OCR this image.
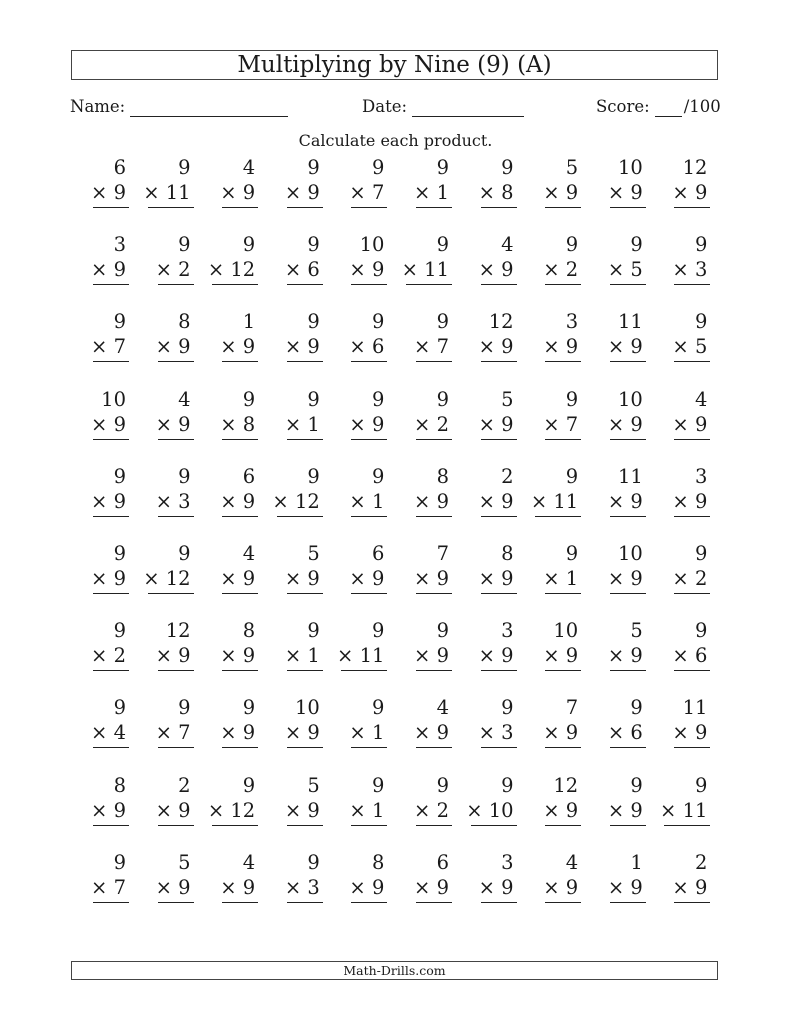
Multiplying by Nine (9) (A)
Name:	Date:	Score: /100
Calculate each product.
6
× 9
9
× 11
4
× 9
9
× 9
9
× 7
9
× 1
9
× 8
5
× 9
10
× 9
12
× 9
3
× 9
9
× 2
9
× 12
9
× 6
10
× 9
9
× 11
4
× 9
9
× 2
9
× 5
9
× 3
9
× 7
8
× 9
1
× 9
9
× 9
9
× 6
9
× 7
12
× 9
3
× 9
11
× 9
9
× 5
10
× 9
4
× 9
9
× 8
9
× 1
9
× 9
9
× 2
5
× 9
9
× 7
10
× 9
4
× 9
9
× 9
9
× 3
6
× 9
9
× 12
9
× 1
8
× 9
2
× 9
9
× 11
11
× 9
3
× 9
9
× 9
9
× 12
4
× 9
5
× 9
6
× 9
7
× 9
8
× 9
9
× 1
10
× 9
9
× 2
9
× 2
12
× 9
8
× 9
9
× 1
9
× 11
9
× 9
3
× 9
10
× 9
5
× 9
9
× 6
9
× 4
9
× 7
9
× 9
10
× 9
9
× 1
4
× 9
9
× 3
7
× 9
9
× 6
11
× 9
8
× 9
2
× 9
9
× 12
5
× 9
9
× 1
9
× 2
9
× 10
12
× 9
9
× 9
9
× 11
9
× 7
5
× 9
4
× 9
9
× 3
8
× 9
6
× 9
3
× 9
4
× 9
1
× 9
2
× 9
Math-Drills.com
